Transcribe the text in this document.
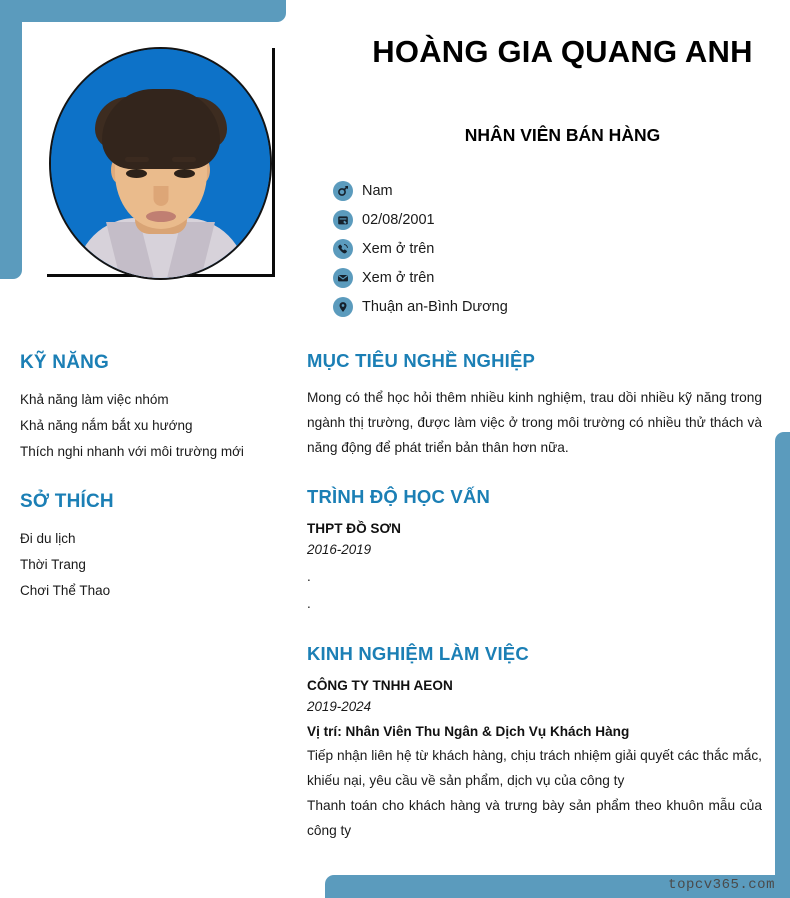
topcv365.com
HOÀNG GIA QUANG ANH
NHÂN VIÊN BÁN HÀNG
Nam
02/08/2001
Xem ở trên
Xem ở trên
Thuận an-Bình Dương
KỸ NĂNG
Khả năng làm việc nhóm
Khả năng nắm bắt xu hướng
Thích nghi nhanh với môi trường mới
SỞ THÍCH
Đi du lịch
Thời Trang
Chơi Thể Thao
MỤC TIÊU NGHỀ NGHIỆP
Mong có thể học hỏi thêm nhiều kinh nghiệm, trau dồi nhiều kỹ năng trong ngành thị trường, được làm việc ở trong môi trường có nhiều thử thách và năng động để phát triển bản thân hơn nữa.
TRÌNH ĐỘ HỌC VẤN
THPT ĐỒ SƠN
2016-2019
.
.
KINH NGHIỆM LÀM VIỆC
CÔNG TY TNHH AEON
2019-2024
Vị trí: Nhân Viên Thu Ngân & Dịch Vụ Khách Hàng
Tiếp nhận liên hệ từ khách hàng, chịu trách nhiệm giải quyết các thắc mắc, khiếu nại, yêu cầu về sản phẩm, dịch vụ của công ty
Thanh toán cho khách hàng và trưng bày sản phẩm theo khuôn mẫu của công ty
